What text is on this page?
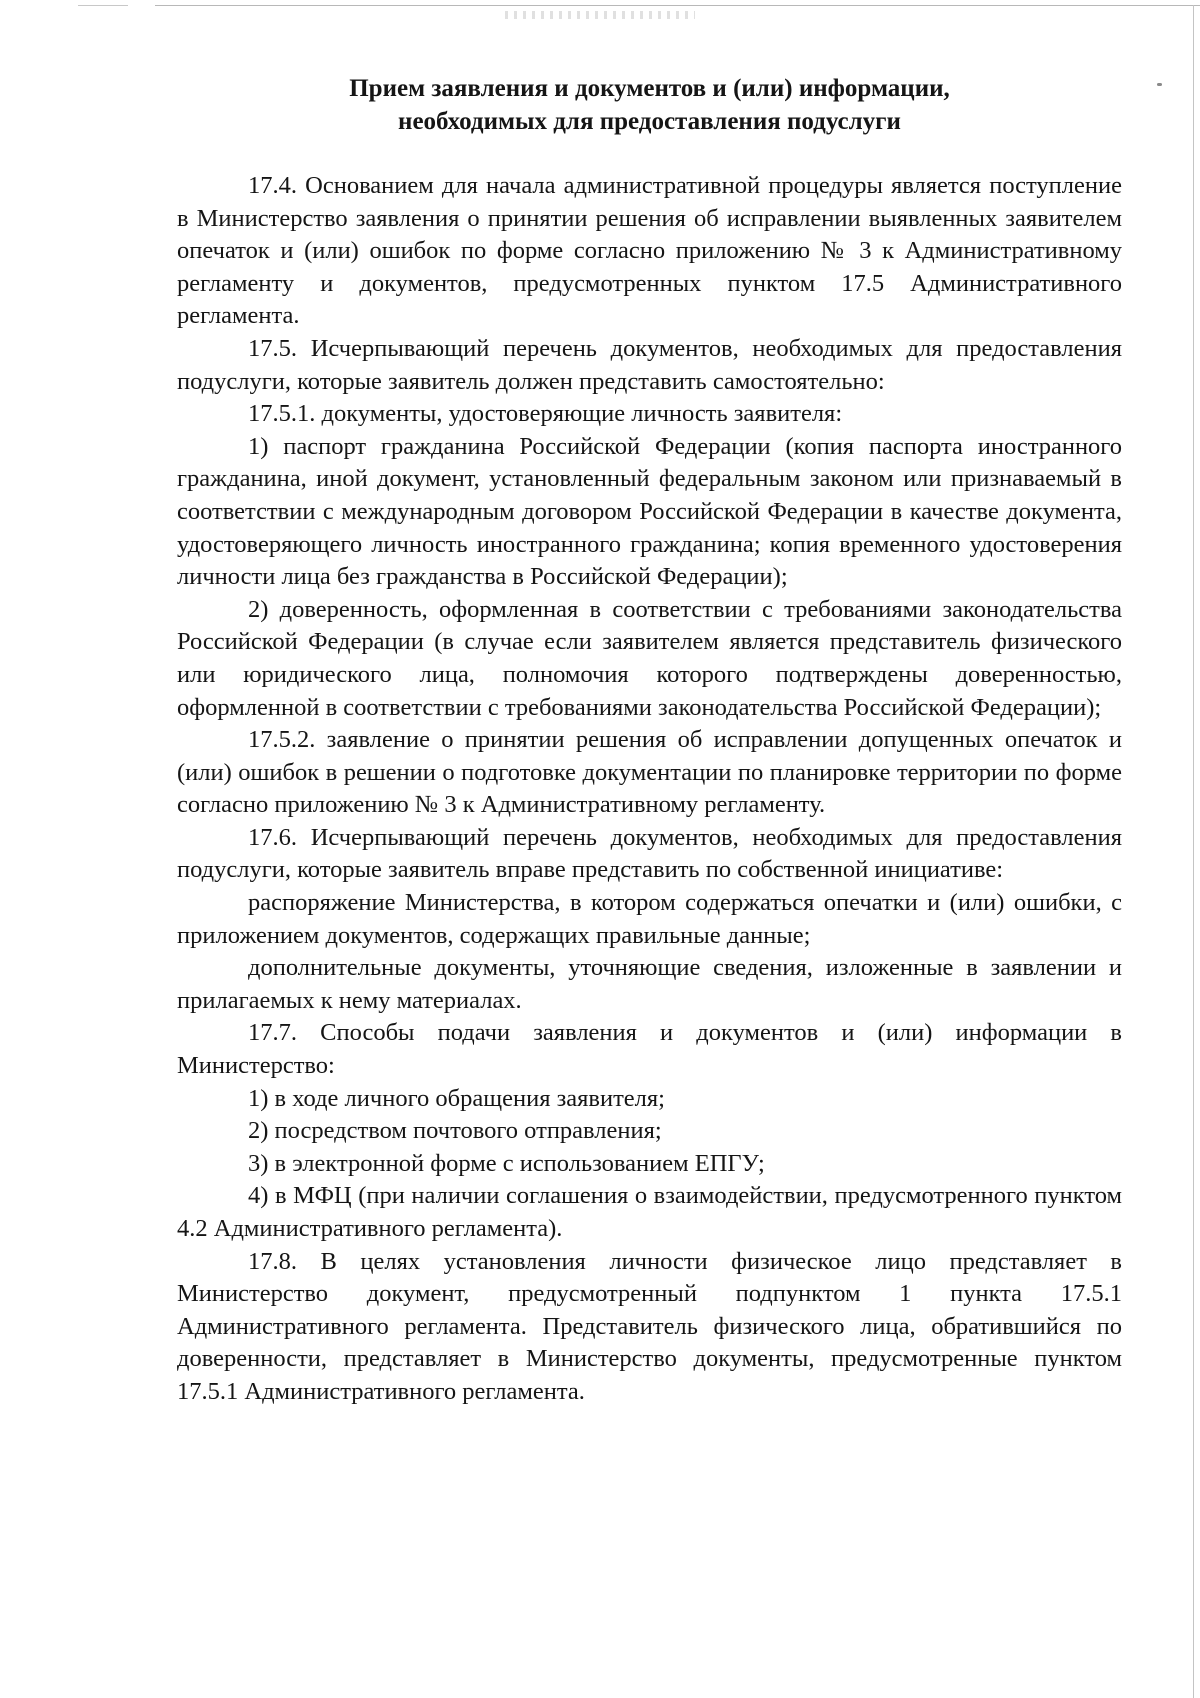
Прием заявления и документов и (или) информации,
необходимых для предоставления подуслуги

17.4. Основанием для начала административной процедуры является поступление в Министерство заявления о принятии решения об исправлении выявленных заявителем опечаток и (или) ошибок по форме согласно приложению № 3 к Административному регламенту и документов, предусмотренных пунктом 17.5 Административного регламента.

17.5. Исчерпывающий перечень документов, необходимых для предоставления подуслуги, которые заявитель должен представить самостоятельно:

17.5.1. документы, удостоверяющие личность заявителя:

1) паспорт гражданина Российской Федерации (копия паспорта иностранного гражданина, иной документ, установленный федеральным законом или признаваемый в соответствии с международным договором Российской Федерации в качестве документа, удостоверяющего личность иностранного гражданина; копия временного удостоверения личности лица без гражданства в Российской Федерации);

2) доверенность, оформленная в соответствии с требованиями законодательства Российской Федерации (в случае если заявителем является представитель физического или юридического лица, полномочия которого подтверждены доверенностью, оформленной в соответствии с требованиями законодательства Российской Федерации);

17.5.2. заявление о принятии решения об исправлении допущенных опечаток и (или) ошибок в решении о подготовке документации по планировке территории по форме согласно приложению № 3 к Административному регламенту.

17.6. Исчерпывающий перечень документов, необходимых для предоставления подуслуги, которые заявитель вправе представить по собственной инициативе:

распоряжение Министерства, в котором содержаться опечатки и (или) ошибки, с приложением документов, содержащих правильные данные;

дополнительные документы, уточняющие сведения, изложенные в заявлении и прилагаемых к нему материалах.

17.7. Способы подачи заявления и документов и (или) информации в Министерство:

1) в ходе личного обращения заявителя;

2) посредством почтового отправления;

3) в электронной форме с использованием ЕПГУ;

4) в МФЦ (при наличии соглашения о взаимодействии, предусмотренного пунктом 4.2 Административного регламента).

17.8. В целях установления личности физическое лицо представляет в Министерство документ, предусмотренный подпунктом 1 пункта 17.5.1 Административного регламента. Представитель физического лица, обратившийся по доверенности, представляет в Министерство документы, предусмотренные пунктом 17.5.1 Административного регламента.
